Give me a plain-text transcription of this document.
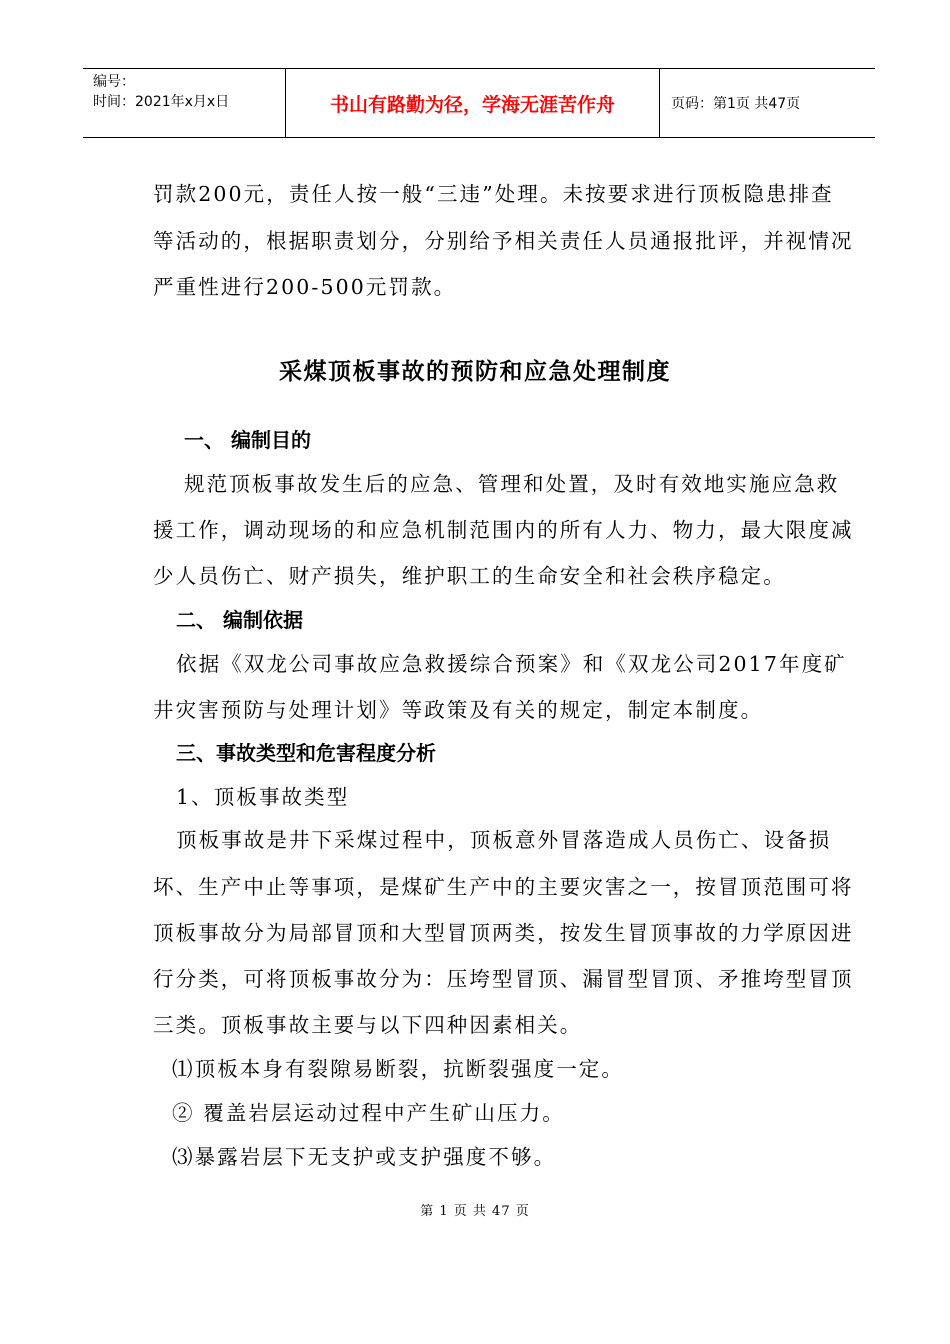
编号：
时间：2021年x月x日	书山有路勤为径，学海无涯苦作舟	页码：第1页 共47页
罚款200元，责任人按一般“三违”处理。未按要求进行顶板隐患排查
等活动的，根据职责划分，分别给予相关责任人员通报批评，并视情况
严重性进行200-500元罚款。
采煤顶板事故的预防和应急处理制度
一、 编制目的
规范顶板事故发生后的应急、管理和处置，及时有效地实施应急救
援工作，调动现场的和应急机制范围内的所有人力、物力，最大限度减
少人员伤亡、财产损失，维护职工的生命安全和社会秩序稳定。
二、 编制依据
依据《双龙公司事故应急救援综合预案》和《双龙公司2017年度矿
井灾害预防与处理计划》等政策及有关的规定，制定本制度。
三、事故类型和危害程度分析
1、顶板事故类型
顶板事故是井下采煤过程中，顶板意外冒落造成人员伤亡、设备损
坏、生产中止等事项，是煤矿生产中的主要灾害之一，按冒顶范围可将
顶板事故分为局部冒顶和大型冒顶两类，按发生冒顶事故的力学原因进
行分类，可将顶板事故分为：压垮型冒顶、漏冒型冒顶、矛推垮型冒顶
三类。顶板事故主要与以下四种因素相关。
⑴顶板本身有裂隙易断裂，抗断裂强度一定。
② 覆盖岩层运动过程中产生矿山压力。
⑶暴露岩层下无支护或支护强度不够。
第 1 页 共 47 页
